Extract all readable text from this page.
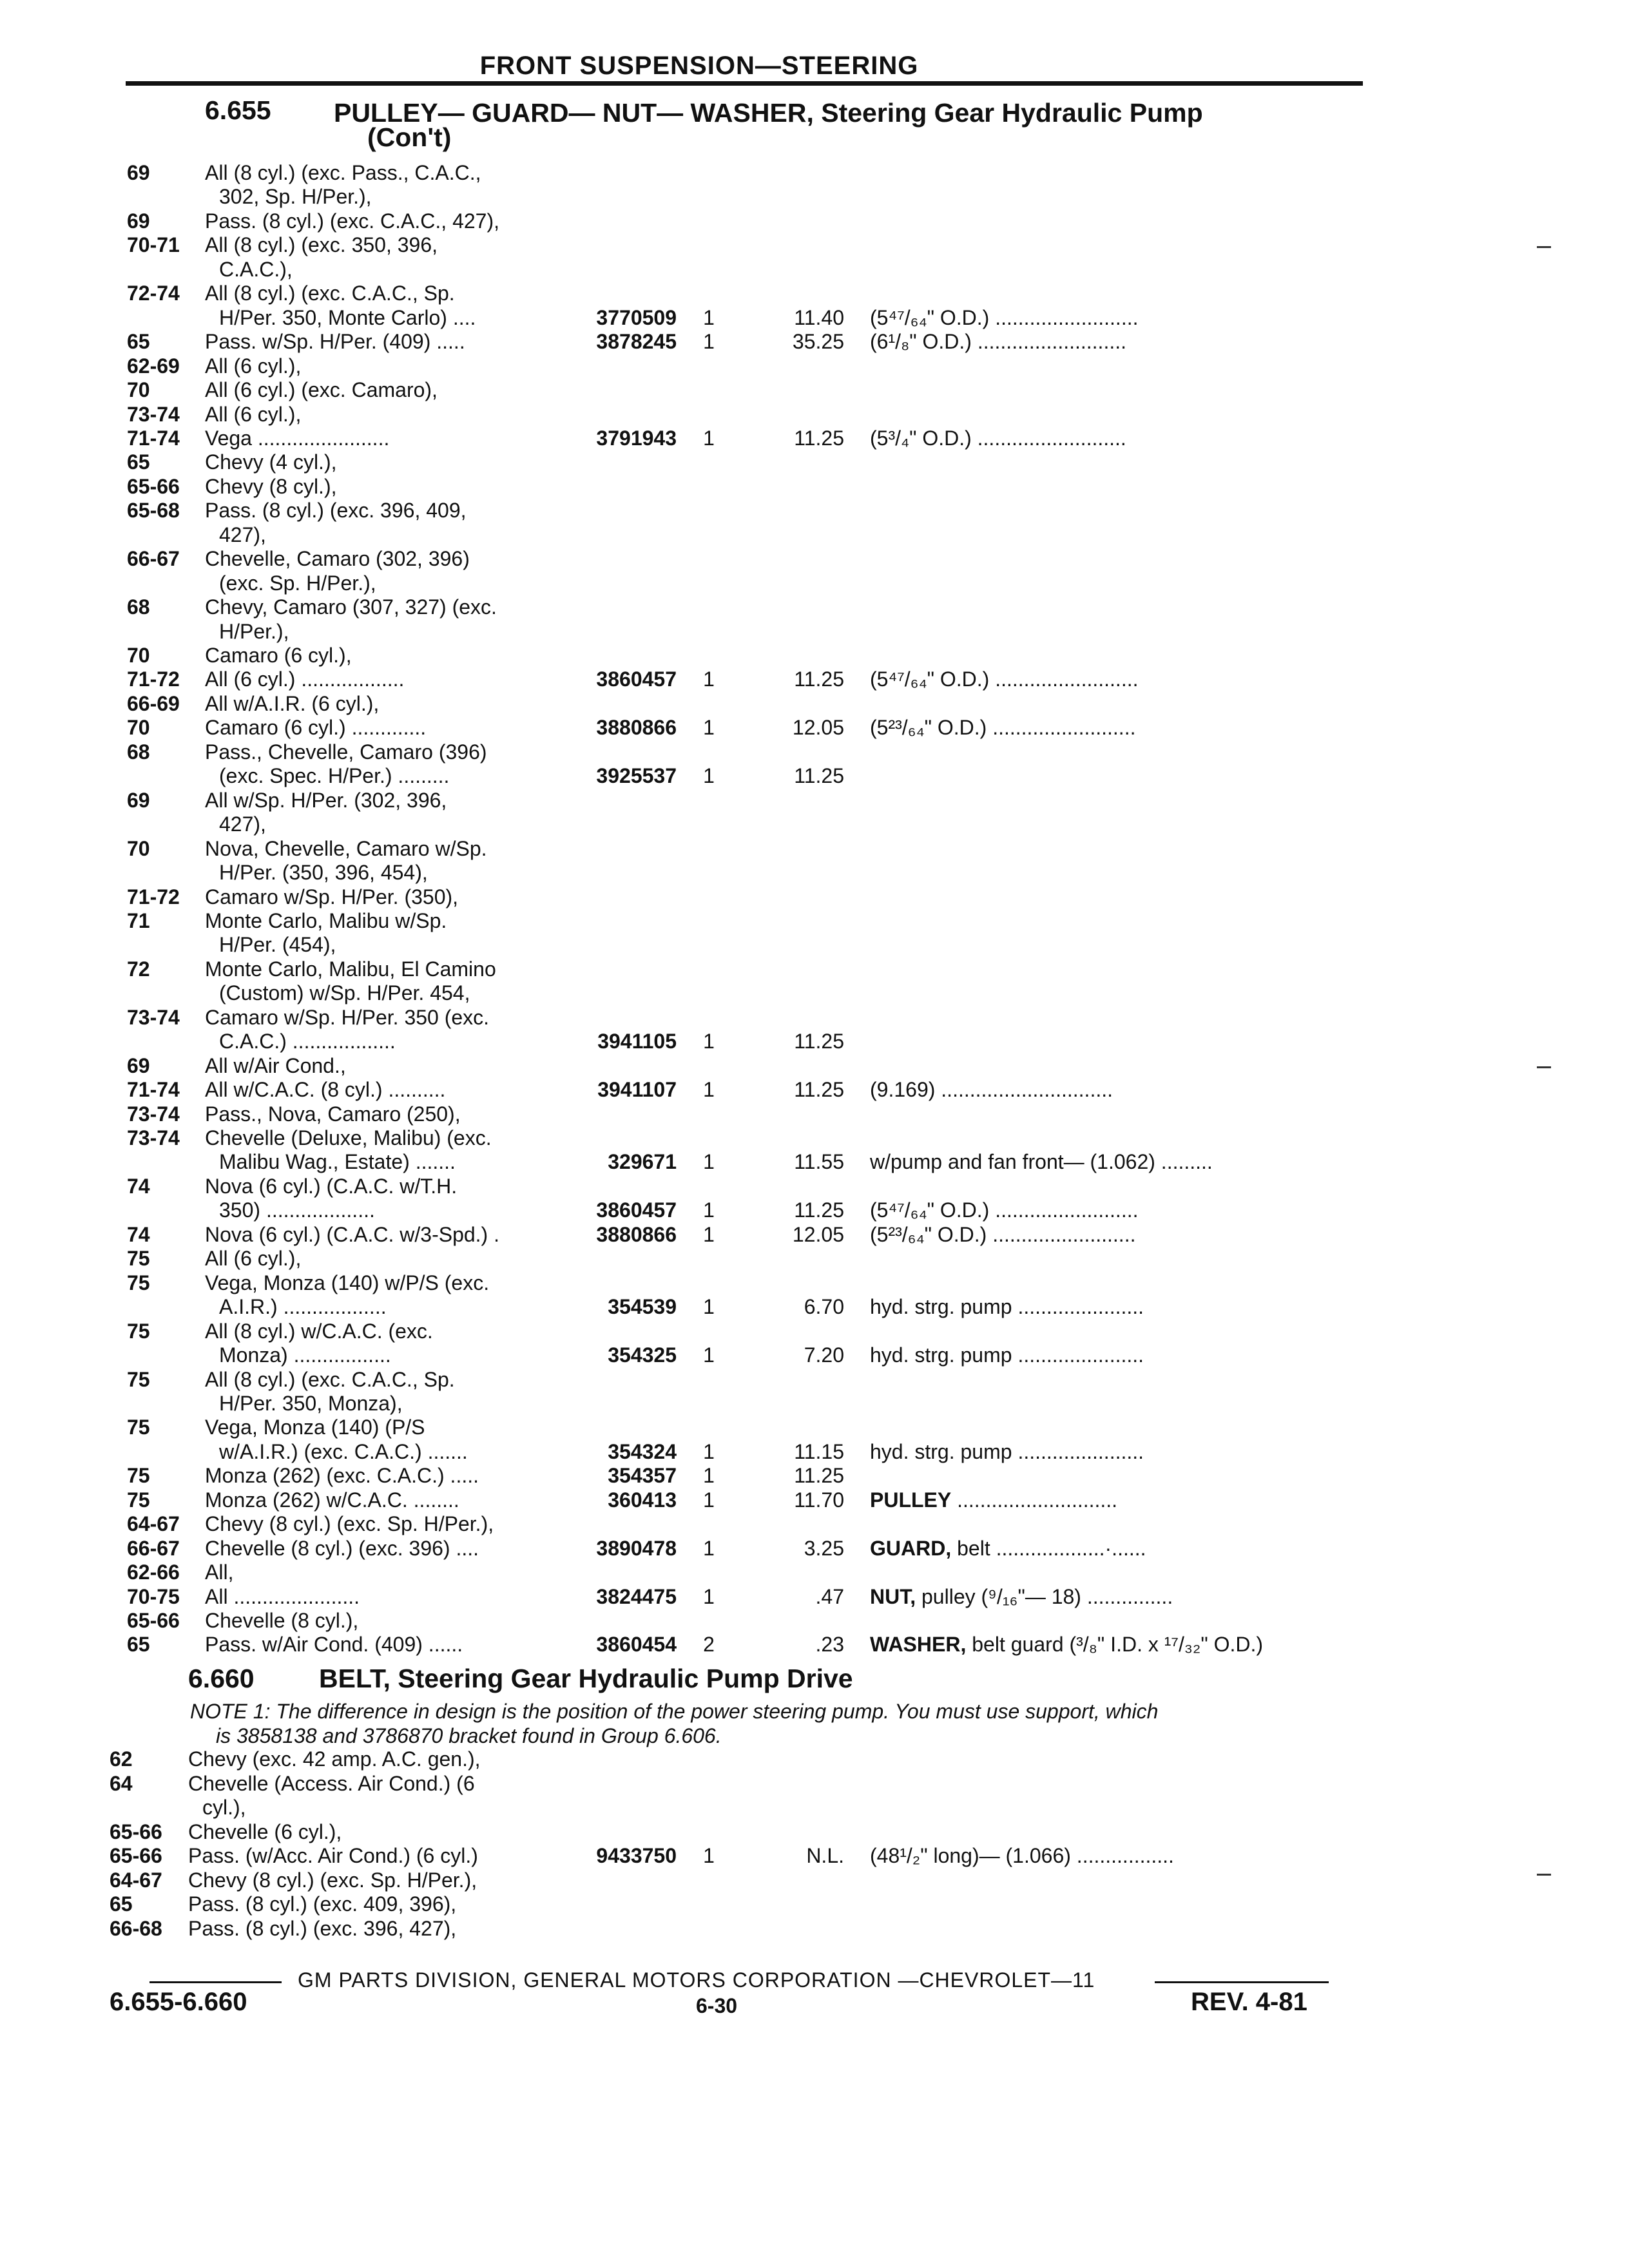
FRONT SUSPENSION—STEERING
6.655 PULLEY— GUARD— NUT— WASHER, Steering Gear Hydraulic Pump
(Con't)
69	All (8 cyl.) (exc. Pass., C.A.C.,
302, Sp. H/Per.),
69	Pass. (8 cyl.) (exc. C.A.C., 427),
70-71	All (8 cyl.) (exc. 350, 396,
C.A.C.),
72-74	All (8 cyl.) (exc. C.A.C., Sp.
H/Per. 350, Monte Carlo) ....	3770509	1	11.40 (5⁴⁷/₆₄" O.D.) .........................
65	Pass. w/Sp. H/Per. (409) .....	3878245	1	35.25 (6¹/₈" O.D.) ..........................
62-69	All (6 cyl.),
70	All (6 cyl.) (exc. Camaro),
73-74	All (6 cyl.),
71-74	Vega .......................	3791943	1	11.25 (5³/₄" O.D.) ..........................
65	Chevy (4 cyl.),
65-66	Chevy (8 cyl.),
65-68	Pass. (8 cyl.) (exc. 396, 409,
427),
66-67	Chevelle, Camaro (302, 396)
(exc. Sp. H/Per.),
68	Chevy, Camaro (307, 327) (exc.
H/Per.),
70	Camaro (6 cyl.),
71-72	All (6 cyl.) ..................	3860457	1	11.25 (5⁴⁷/₆₄" O.D.) .........................
66-69	All w/A.I.R. (6 cyl.),
70	Camaro (6 cyl.) .............	3880866	1	12.05 (5²³/₆₄" O.D.) .........................
68	Pass., Chevelle, Camaro (396)
(exc. Spec. H/Per.) .........	3925537	1	11.25
69	All w/Sp. H/Per. (302, 396,
427),
70	Nova, Chevelle, Camaro w/Sp.
H/Per. (350, 396, 454),
71-72	Camaro w/Sp. H/Per. (350),
71	Monte Carlo, Malibu w/Sp.
H/Per. (454),
72	Monte Carlo, Malibu, El Camino
(Custom) w/Sp. H/Per. 454,
73-74	Camaro w/Sp. H/Per. 350 (exc.
C.A.C.) ..................	3941105	1	11.25
69	All w/Air Cond.,
71-74	All w/C.A.C. (8 cyl.) ..........	3941107	1	11.25 (9.169) ..............................
73-74	Pass., Nova, Camaro (250),
73-74	Chevelle (Deluxe, Malibu) (exc.
Malibu Wag., Estate) .......	329671	1	11.55 w/pump and fan front— (1.062) .........
74	Nova (6 cyl.) (C.A.C. w/T.H.
350) ...................	3860457	1	11.25 (5⁴⁷/₆₄" O.D.) .........................
74	Nova (6 cyl.) (C.A.C. w/3-Spd.) .	3880866	1	12.05 (5²³/₆₄" O.D.) .........................
75	All (6 cyl.),
75	Vega, Monza (140) w/P/S (exc.
A.I.R.) ..................	354539	1	6.70 hyd. strg. pump ......................
75	All (8 cyl.) w/C.A.C. (exc.
Monza) .................	354325	1	7.20 hyd. strg. pump ......................
75	All (8 cyl.) (exc. C.A.C., Sp.
H/Per. 350, Monza),
75	Vega, Monza (140) (P/S
w/A.I.R.) (exc. C.A.C.) .......	354324	1	11.15 hyd. strg. pump ......................
75	Monza (262) (exc. C.A.C.) .....	354357	1	11.25
75	Monza (262) w/C.A.C. ........	360413	1	11.70 PULLEY ............................
64-67	Chevy (8 cyl.) (exc. Sp. H/Per.),
66-67	Chevelle (8 cyl.) (exc. 396) ....	3890478	1	3.25 GUARD, belt ...................·......
62-66	All,
70-75	All ......................	3824475	1	.47 NUT, pulley (⁹/₁₆"— 18) ...............
65-66	Chevelle (8 cyl.),
65	Pass. w/Air Cond. (409) ......	3860454	2	.23 WASHER, belt guard (³/₈" I.D. x ¹⁷/₃₂" O.D.)
6.660 BELT, Steering Gear Hydraulic Pump Drive
NOTE 1: The difference in design is the position of the power steering pump. You must use support, which
is 3858138 and 3786870 bracket found in Group 6.606.
62	Chevy (exc. 42 amp. A.C. gen.),
64	Chevelle (Access. Air Cond.) (6
cyl.),
65-66	Chevelle (6 cyl.),
65-66	Pass. (w/Acc. Air Cond.) (6 cyl.)	9433750	1	N.L. (48¹/₂" long)— (1.066) .................
64-67	Chevy (8 cyl.) (exc. Sp. H/Per.),
65	Pass. (8 cyl.) (exc. 409, 396),
66-68	Pass. (8 cyl.) (exc. 396, 427),
GM PARTS DIVISION, GENERAL MOTORS CORPORATION —CHEVROLET—11
6.655-6.660	6-30	REV. 4-81
